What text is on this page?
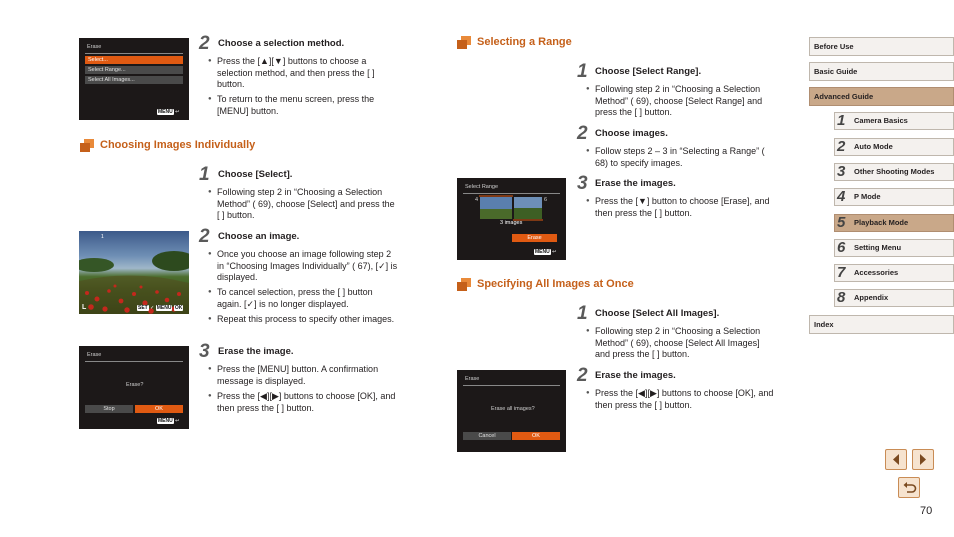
Erase
Select...
Select Range...
Select All Images...
MENU ↩
2 Choose a selection method.
● Press the [▲][▼] buttons to choose a selection method, and then press the [ ] button.
● To return to the menu screen, press the [MENU] button.
Choosing Images Individually
1 Choose [Select].
● Following step 2 in “Choosing a Selection Method” ( 69), choose [Select] and press the [ ] button.
1
L	SET ✓ MENU OK
2 Choose an image.
● Once you choose an image following step 2 in “Choosing Images Individually” ( 67), [✓] is displayed.
● To cancel selection, press the [ ] button again. [✓] is no longer displayed.
● Repeat this process to specify other images.
Erase
Erase?
Stop	OK
MENU ↩
3 Erase the image.
● Press the [MENU] button. A confirmation message is displayed.
● Press the [◀][▶] buttons to choose [OK], and then press the [ ] button.
Selecting a Range
1 Choose [Select Range].
● Following step 2 in “Choosing a Selection Method” ( 69), choose [Select Range] and press the [ ] button.
2 Choose images.
● Follow steps 2 – 3 in “Selecting a Range” ( 68) to specify images.
Select Range
4	6
3 images
Erase
MENU ↩
3 Erase the images.
● Press the [▼] button to choose [Erase], and then press the [ ] button.
Specifying All Images at Once
1 Choose [Select All Images].
● Following step 2 in “Choosing a Selection Method” ( 69), choose [Select All Images] and press the [ ] button.
Erase
Erase all images?
Cancel	OK
2 Erase the images.
● Press the [◀][▶] buttons to choose [OK], and then press the [ ] button.
Before Use
Basic Guide
Advanced Guide
1 Camera Basics
2 Auto Mode
3 Other Shooting Modes
4 P Mode
5 Playback Mode
6 Setting Menu
7 Accessories
8 Appendix
Index
70
